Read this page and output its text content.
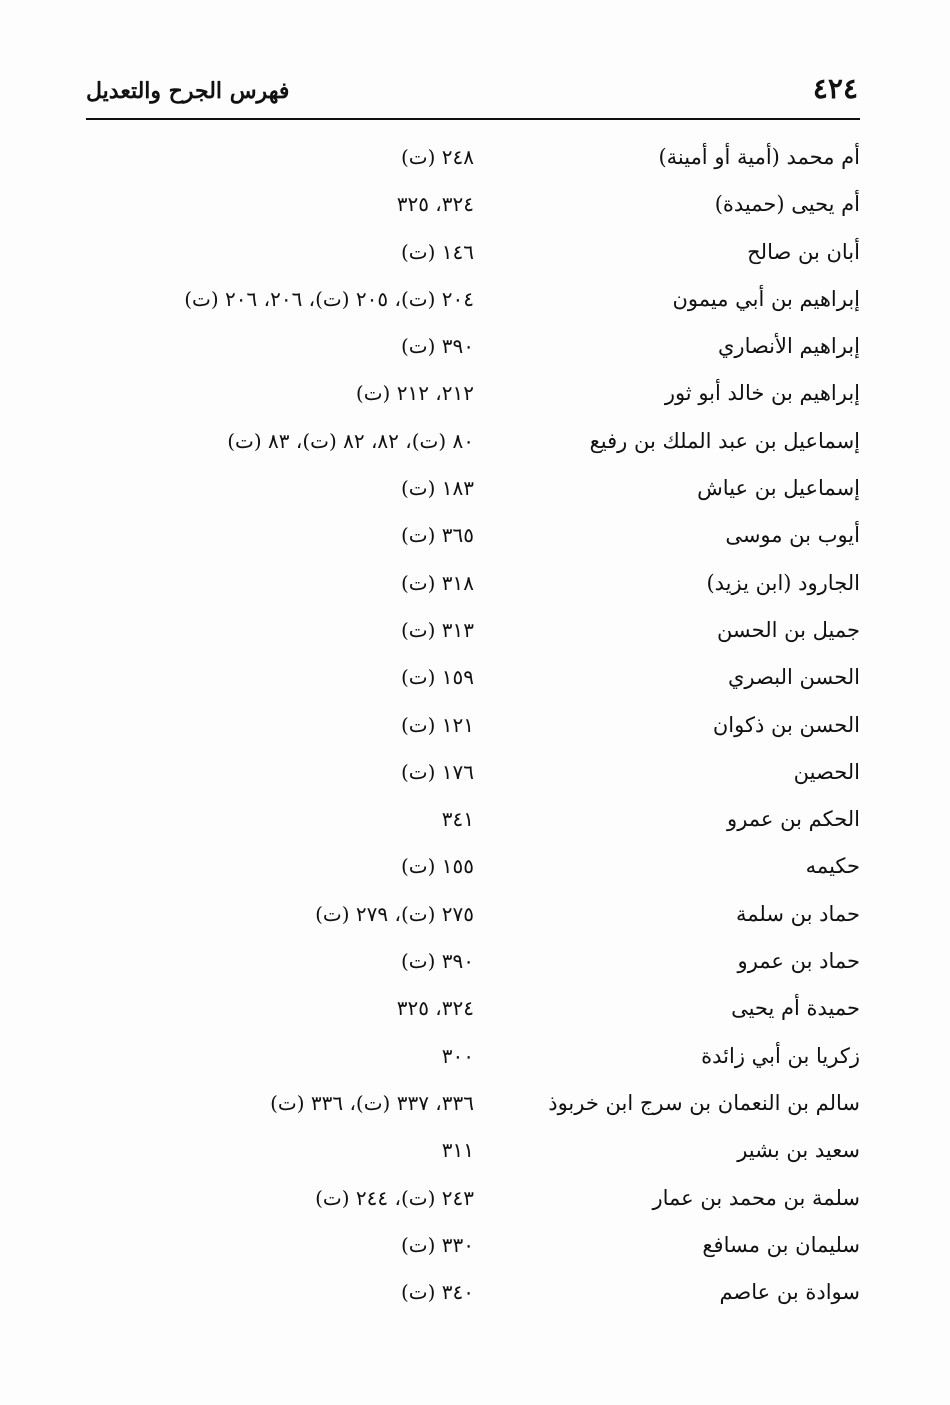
٤٢٤
فهرس الجرح والتعديل
أم محمد (أمية أو أمينة)
٢٤٨ (ت)
أم يحيى (حميدة)
٣٢٤، ٣٢٥
أبان بن صالح
١٤٦ (ت)
إبراهيم بن أبي ميمون
٢٠٤ (ت)، ٢٠٥ (ت)، ٢٠٦، ٢٠٦ (ت)
إبراهيم الأنصاري
٣٩٠ (ت)
إبراهيم بن خالد أبو ثور
٢١٢، ٢١٢ (ت)
إسماعيل بن عبد الملك بن رفيع
٨٠ (ت)، ٨٢، ٨٢ (ت)، ٨٣ (ت)
إسماعيل بن عياش
١٨٣ (ت)
أيوب بن موسى
٣٦٥ (ت)
الجارود (ابن يزيد)
٣١٨ (ت)
جميل بن الحسن
٣١٣ (ت)
الحسن البصري
١٥٩ (ت)
الحسن بن ذكوان
١٢١ (ت)
الحصين
١٧٦ (ت)
الحكم بن عمرو
٣٤١
حكيمه
١٥٥ (ت)
حماد بن سلمة
٢٧٥ (ت)، ٢٧٩ (ت)
حماد بن عمرو
٣٩٠ (ت)
حميدة أم يحيى
٣٢٤، ٣٢٥
زكريا بن أبي زائدة
٣٠٠
سالم بن النعمان بن سرج ابن خربوذ
٣٣٦، ٣٣٧ (ت)، ٣٣٦ (ت)
سعيد بن بشير
٣١١
سلمة بن محمد بن عمار
٢٤٣ (ت)، ٢٤٤ (ت)
سليمان بن مسافع
٣٣٠ (ت)
سوادة بن عاصم
٣٤٠ (ت)
